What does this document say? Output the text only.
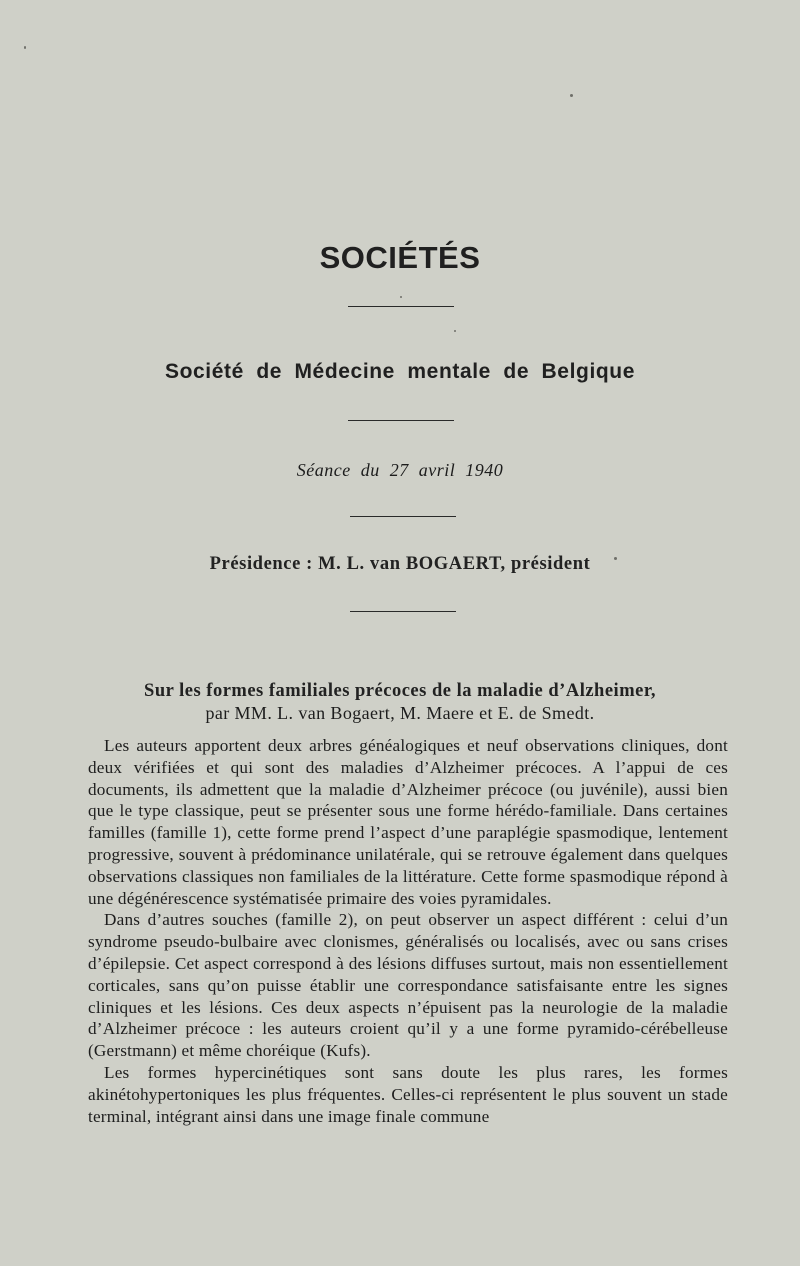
SOCIÉTÉS
Société de Médecine mentale de Belgique
Séance du 27 avril 1940
Présidence : M. L. van BOGAERT, président
Sur les formes familiales précoces de la maladie d’Alzheimer,
par MM. L. van Bogaert, M. Maere et E. de Smedt.

Les auteurs apportent deux arbres généalogiques et neuf observations cliniques, dont deux vérifiées et qui sont des maladies d’Alzheimer précoces. A l’appui de ces documents, ils admettent que la maladie d’Alzheimer précoce (ou juvénile), aussi bien que le type classique, peut se présenter sous une forme hérédo-familiale. Dans certaines familles (famille 1), cette forme prend l’aspect d’une paraplégie spasmodique, lentement progressive, souvent à prédominance unilatérale, qui se retrouve également dans quelques observations classiques non familiales de la littérature. Cette forme spasmodique répond à une dégénérescence systématisée primaire des voies pyramidales.

Dans d’autres souches (famille 2), on peut observer un aspect différent : celui d’un syndrome pseudo-bulbaire avec clonismes, généralisés ou localisés, avec ou sans crises d’épilepsie. Cet aspect correspond à des lésions diffuses surtout, mais non essentiellement corticales, sans qu’on puisse établir une correspondance satisfaisante entre les signes cliniques et les lésions. Ces deux aspects n’épuisent pas la neurologie de la maladie d’Alzheimer précoce : les auteurs croient qu’il y a une forme pyramido-cérébelleuse (Gerstmann) et même choréique (Kufs).

Les formes hypercinétiques sont sans doute les plus rares, les formes akinétohypertoniques les plus fréquentes. Celles-ci représentent le plus souvent un stade terminal, intégrant ainsi dans une image finale commune
